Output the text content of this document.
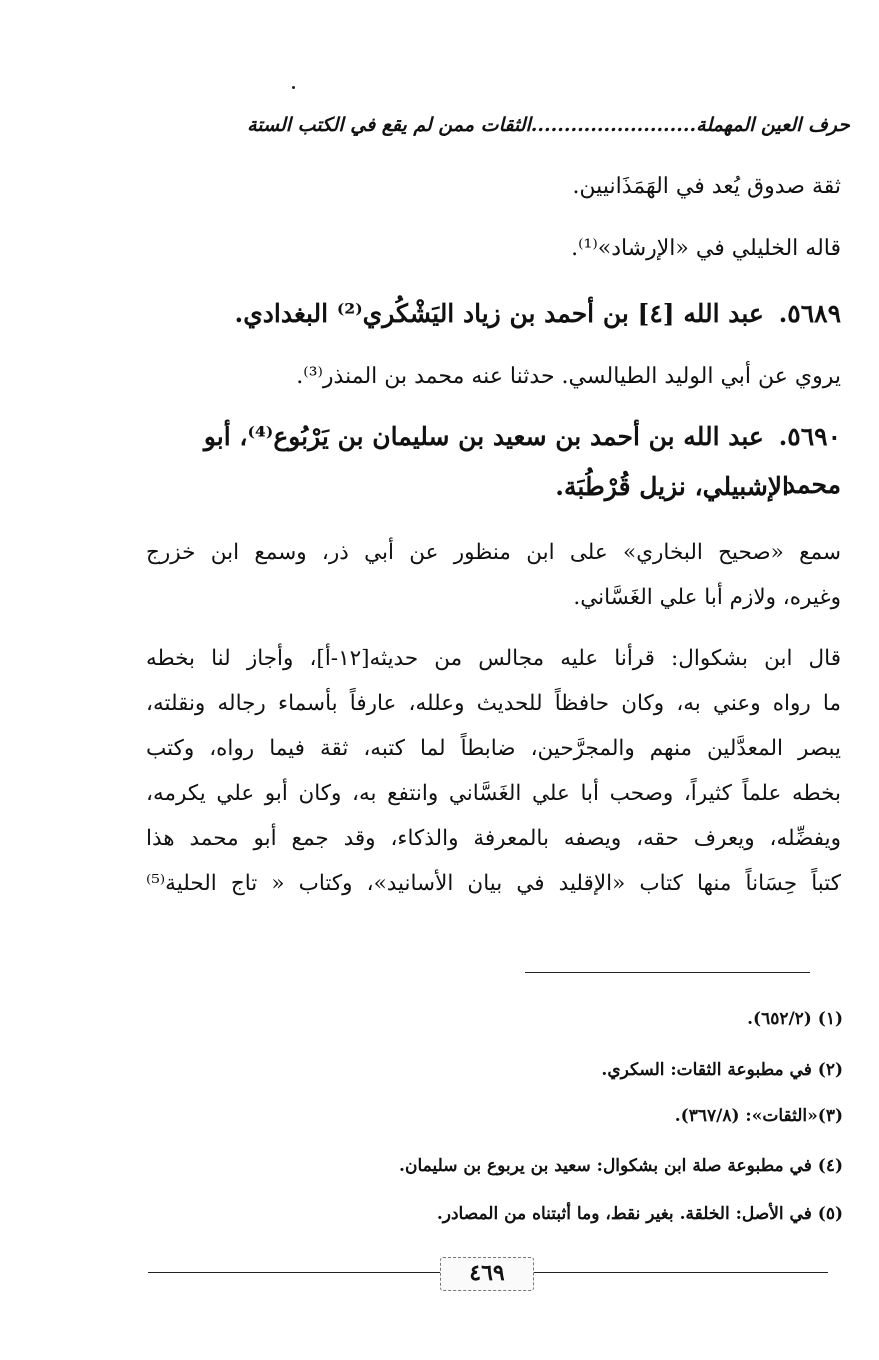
حرف العين المهملة.........................الثقات ممن لم يقع في الكتب الستة
ثقة صدوق يُعد في الهَمَذَانيين.
قاله الخليلي في «الإرشاد»⁽¹⁾.
٥٦٨٩. عبد الله [٤] بن أحمد بن زياد اليَشْكُري⁽²⁾ البغدادي.
يروي عن أبي الوليد الطيالسي. حدثنا عنه محمد بن المنذر⁽³⁾.
٥٦٩٠. عبد الله بن أحمد بن سعيد بن سليمان بن يَرْبُوع⁽⁴⁾، أبو محمد
الإشبيلي، نزيل قُرْطُبَة.
سمع «صحيح البخاري» على ابن منظور عن أبي ذر، وسمع ابن خزرج
وغيره، ولازم أبا علي الغَسَّاني.
قال ابن بشكوال: قرأنا عليه مجالس من حديثه[١٢-أ]، وأجاز لنا بخطه
ما رواه وعني به، وكان حافظاً للحديث وعلله، عارفاً بأسماء رجاله ونقلته،
يبصر المعدَّلين منهم والمجرَّحين، ضابطاً لما كتبه، ثقة فيما رواه، وكتب
بخطه علماً كثيراً، وصحب أبا علي الغَسَّاني وانتفع به، وكان أبو علي يكرمه،
ويفضِّله، ويعرف حقه، ويصفه بالمعرفة والذكاء، وقد جمع أبو محمد هذا
كتباً حِسَاناً منها كتاب «الإقليد في بيان الأسانيد»، وكتاب « تاج الحلية⁽⁵⁾
(١) (٦٥٢/٢).
(٢) في مطبوعة الثقات: السكري.
(٣)«الثقات»: (٣٦٧/٨).
(٤) في مطبوعة صلة ابن بشكوال: سعيد بن يربوع بن سليمان.
(٥) في الأصل: الخلقة. بغير نقط، وما أثبتناه من المصادر.
٤٦٩
